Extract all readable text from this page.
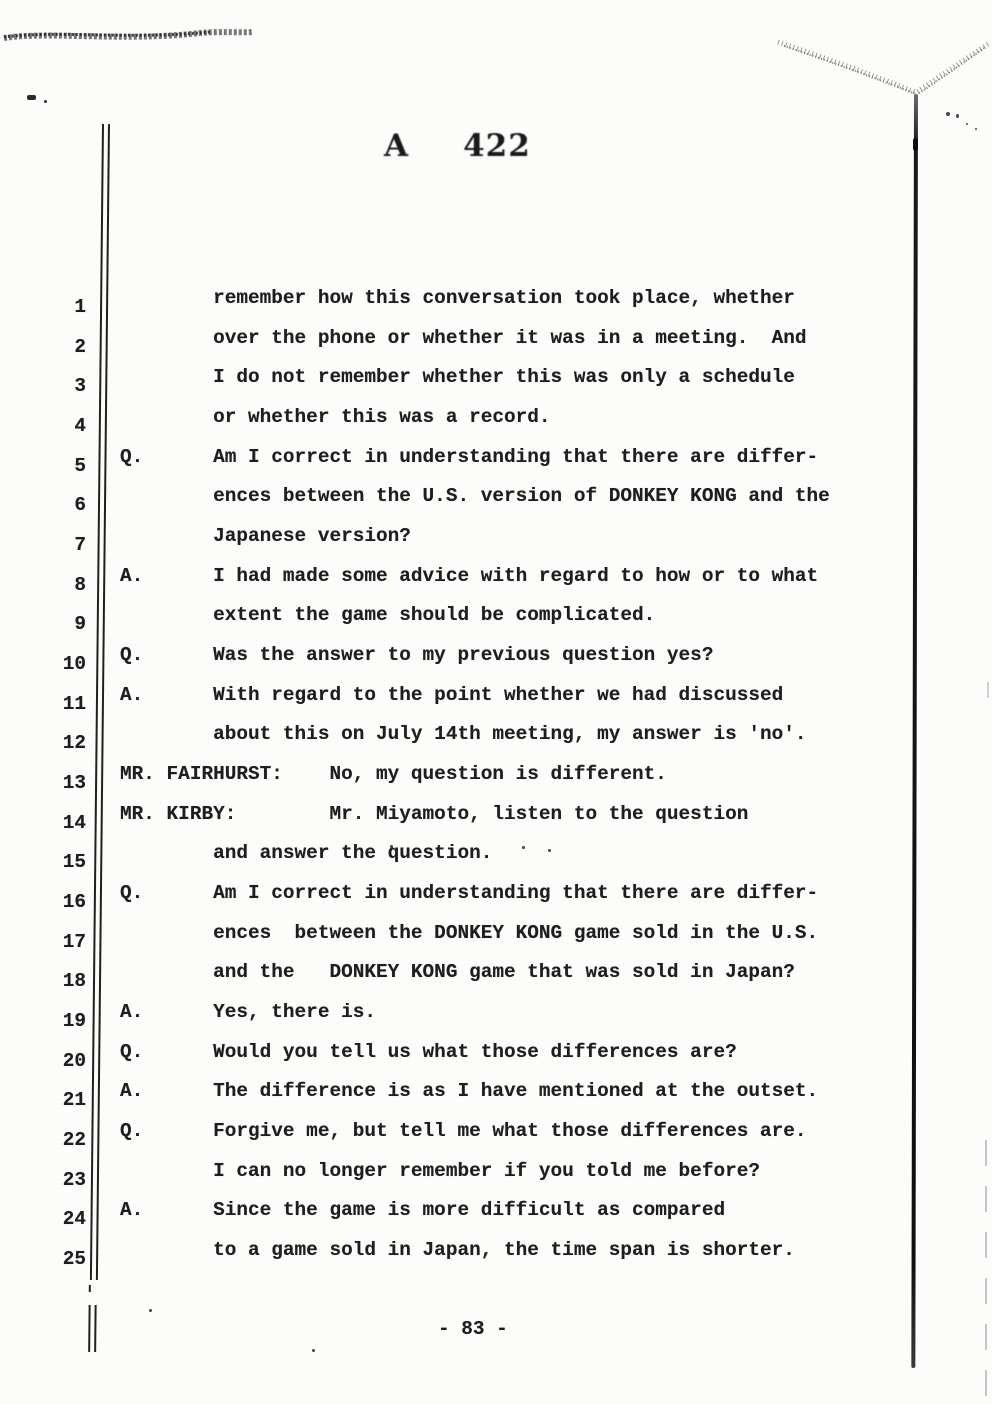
A 422
1 remember how this conversation took place, whether
2 over the phone or whether it was in a meeting.  And
3 I do not remember whether this was only a schedule
4 or whether this was a record.
5 Q.      Am I correct in understanding that there are differ-
6 ences between the U.S. version of DONKEY KONG and the
7 Japanese version?
8 A.      I had made some advice with regard to how or to what
9 extent the game should be complicated.
10 Q.      Was the answer to my previous question yes?
11 A.      With regard to the point whether we had discussed
12 about this on July 14th meeting, my answer is 'no'.
13 MR. FAIRHURST:    No, my question is different.
14 MR. KIRBY:        Mr. Miyamoto, listen to the question
15 and answer the question.
16 Q.      Am I correct in understanding that there are differ-
17 ences  between the DONKEY KONG game sold in the U.S.
18 and the   DONKEY KONG game that was sold in Japan?
19 A.      Yes, there is.
20 Q.      Would you tell us what those differences are?
21 A.      The difference is as I have mentioned at the outset.
22 Q.      Forgive me, but tell me what those differences are.
23 I can no longer remember if you told me before?
24 A.      Since the game is more difficult as compared
25 to a game sold in Japan, the time span is shorter.
- 83 -
